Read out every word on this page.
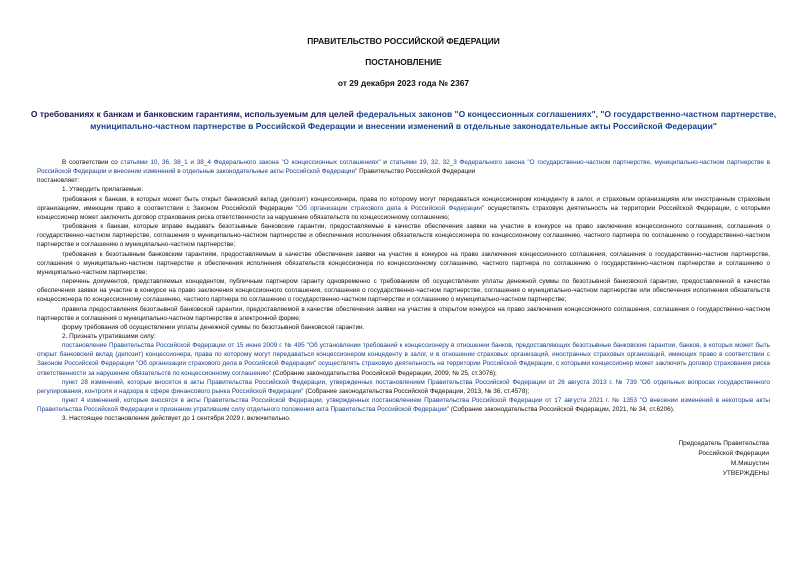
ПРАВИТЕЛЬСТВО РОССИЙСКОЙ ФЕДЕРАЦИИ

ПОСТАНОВЛЕНИЕ

от 29 декабря 2023 года № 2367

О требованиях к банкам и банковским гарантиям, используемым для целей федеральных законов "О концессионных соглашениях", "О государственно-частном партнерстве, муниципально-частном партнерстве в Российской Федерации и внесении изменений в отдельные законодательные акты Российской Федерации"

В соответствии со статьями 10, 36, 38_1 и 38_4 Федерального закона "О концессионных соглашениях" и статьями 19, 32, 32_3 Федерального закона "О государственно-частном партнерстве, муниципально-частном партнерстве в Российской Федерации и внесении изменений в отдельные законодательные акты Российской Федерации" Правительство Российской Федерации

постановляет:

1. Утвердить прилагаемые:

требования к банкам, в которых может быть открыт банковский вклад (депозит) концессионера, права по которому могут передаваться концессионером концеденту в залог, и страховым организациям или иностранным страховым организациям, имеющим право в соответствии с Законом Российской Федерации "Об организации страхового дела в Российской Федерации" осуществлять страховую деятельность на территории Российской Федерации, с которыми концессионер может заключить договор страхования риска ответственности за нарушение обязательств по концессионному соглашению;

требования к банкам, которые вправе выдавать безотзывные банковские гарантии, предоставляемые в качестве обеспечения заявки на участие в конкурсе на право заключения концессионного соглашения, соглашения о государственно-частном партнерстве, соглашения о муниципально-частном партнерстве и обеспечения исполнения обязательств концессионера по концессионному соглашению, частного партнера по соглашению о государственно-частном партнерстве и соглашению о муниципально-частном партнерстве;

требования к безотзывным банковским гарантиям, предоставляемым в качестве обеспечения заявки на участие в конкурсе на право заключения концессионного соглашения, соглашения о государственно-частном партнерстве, соглашения о муниципально-частном партнерстве и обеспечения исполнения обязательств концессионера по концессионному соглашению, частного партнера по соглашению о государственно-частном партнерстве и соглашению о муниципально-частном партнерстве;

перечень документов, представляемых концедентом, публичным партнером гаранту одновременно с требованием об осуществлении уплаты денежной суммы по безотзывной банковской гарантии, предоставленной в качестве обеспечения заявки на участие в конкурсе на право заключения концессионного соглашения, соглашения о государственно-частном партнерстве, соглашения о муниципально-частном партнерстве или обеспечения исполнения обязательств концессионера по концессионному соглашению, частного партнера по соглашению о государственно-частном партнерстве и соглашению о муниципально-частном партнерстве;

правила предоставления безотзывной банковской гарантии, предоставляемой в качестве обеспечения заявки на участие в открытом конкурсе на право заключения концессионного соглашения, соглашения о государственно-частном партнерстве и соглашения о муниципально-частном партнерстве в электронной форме;

форму требования об осуществлении уплаты денежной суммы по безотзывной банковской гарантии.

2. Признать утратившими силу:

постановление Правительства Российской Федерации от 15 июня 2009 г. № 495 "Об установлении требований к концессионеру в отношении банков, предоставляющих безотзывные банковские гарантии, банков, в которых может быть открыт банковский вклад (депозит) концессионера, права по которому могут передаваться концессионером концеденту в залог, и в отношении страховых организаций, иностранных страховых организаций, имеющих право в соответствии с Законом Российской Федерации "Об организации страхового дела в Российской Федерации" осуществлять страховую деятельность на территории Российской Федерации, с которыми концессионер может заключить договор страхования риска ответственности за нарушение обязательств по концессионному соглашению" (Собрание законодательства Российской Федерации, 2009, № 25, ст.3076);

пункт 28 изменений, которые вносятся в акты Правительства Российской Федерации, утвержденных постановлением Правительства Российской Федерации от 26 августа 2013 г. № 739 "Об отдельных вопросах государственного регулирования, контроля и надзора в сфере финансового рынка Российской Федерации" (Собрание законодательства Российской Федерации, 2013, № 36, ст.4578);

пункт 4 изменений, которые вносятся в акты Правительства Российской Федерации, утвержденных постановлением Правительства Российской Федерации от 17 августа 2021 г. № 1353 "О внесении изменений в некоторые акты Правительства Российской Федерации и признании утратившим силу отдельного положения акта Правительства Российской Федерации" (Собрание законодательства Российской Федерации, 2021, № 34, ст.6206).

3. Настоящее постановление действует до 1 сентября 2029 г. включительно.

Председатель Правительства
Российской Федерации
М.Мишустин
УТВЕРЖДЕНЫ
